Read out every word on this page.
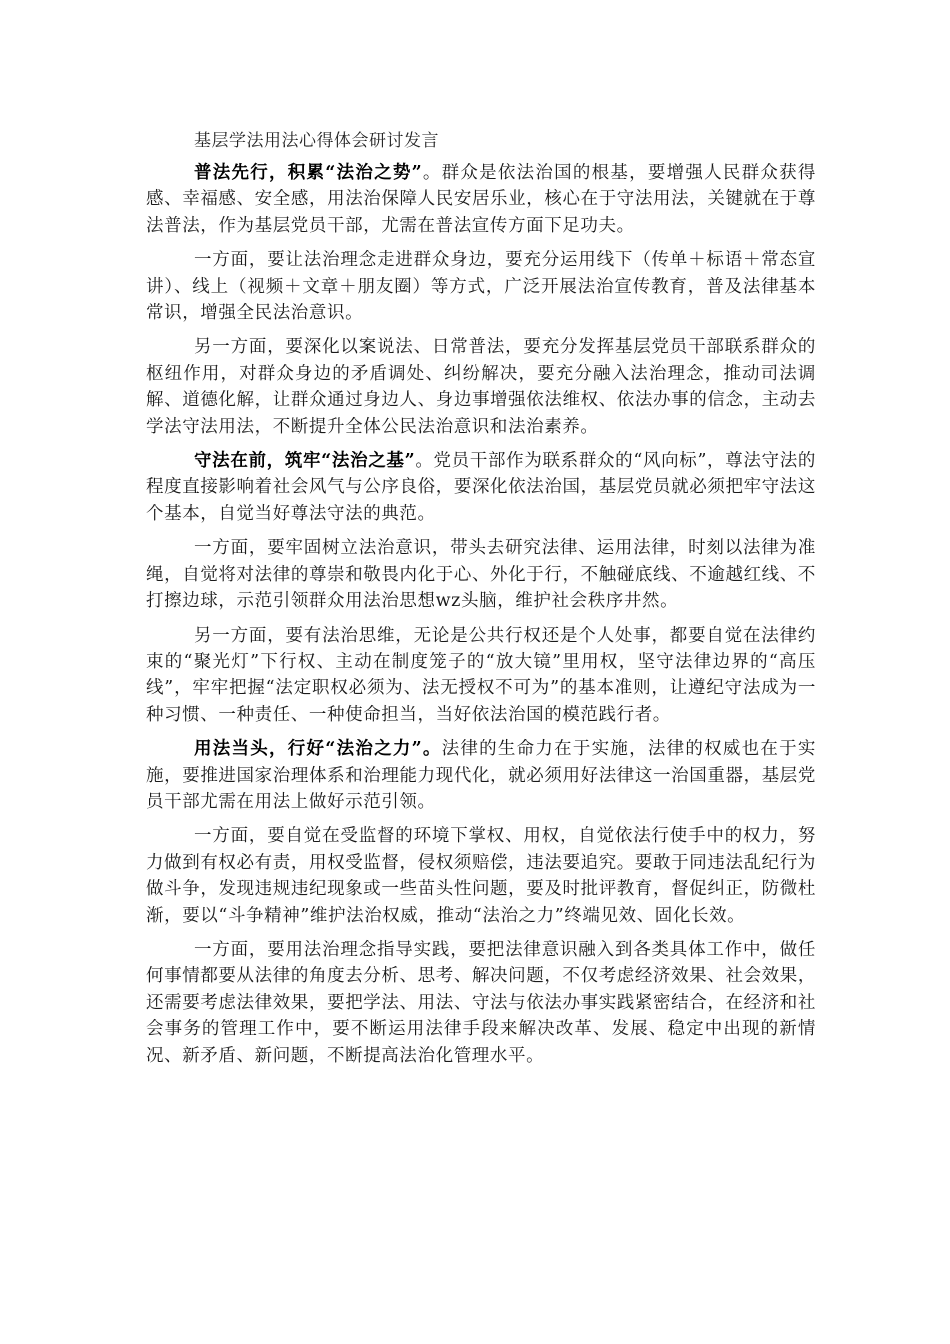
基层学法用法心得体会研讨发言

普法先行，积累“法治之势”。群众是依法治国的根基，要增强人民群众获得感、幸福感、安全感，用法治保障人民安居乐业，核心在于守法用法，关键就在于尊法普法，作为基层党员干部，尤需在普法宣传方面下足功夫。

一方面，要让法治理念走进群众身边，要充分运用线下（传单＋标语＋常态宣讲）、线上（视频＋文章＋朋友圈）等方式，广泛开展法治宣传教育，普及法律基本常识，增强全民法治意识。

另一方面，要深化以案说法、日常普法，要充分发挥基层党员干部联系群众的枢纽作用，对群众身边的矛盾调处、纠纷解决，要充分融入法治理念，推动司法调解、道德化解，让群众通过身边人、身边事增强依法维权、依法办事的信念，主动去学法守法用法，不断提升全体公民法治意识和法治素养。

守法在前，筑牢“法治之基”。党员干部作为联系群众的“风向标”，尊法守法的程度直接影响着社会风气与公序良俗，要深化依法治国，基层党员就必须把牢守法这个基本，自觉当好尊法守法的典范。

一方面，要牢固树立法治意识，带头去研究法律、运用法律，时刻以法律为准绳，自觉将对法律的尊崇和敬畏内化于心、外化于行，不触碰底线、不逾越红线、不打擦边球，示范引领群众用法治思想wz头脑，维护社会秩序井然。

另一方面，要有法治思维，无论是公共行权还是个人处事，都要自觉在法律约束的“聚光灯”下行权、主动在制度笼子的“放大镜”里用权，坚守法律边界的“高压线”，牢牢把握“法定职权必须为、法无授权不可为”的基本准则，让遵纪守法成为一种习惯、一种责任、一种使命担当，当好依法治国的模范践行者。

用法当头，行好“法治之力”。法律的生命力在于实施，法律的权威也在于实施，要推进国家治理体系和治理能力现代化，就必须用好法律这一治国重器，基层党员干部尤需在用法上做好示范引领。

一方面，要自觉在受监督的环境下掌权、用权，自觉依法行使手中的权力，努力做到有权必有责，用权受监督，侵权须赔偿，违法要追究。要敢于同违法乱纪行为做斗争，发现违规违纪现象或一些苗头性问题，要及时批评教育，督促纠正，防微杜渐，要以“斗争精神”维护法治权威，推动“法治之力”终端见效、固化长效。

一方面，要用法治理念指导实践，要把法律意识融入到各类具体工作中，做任何事情都要从法律的角度去分析、思考、解决问题，不仅考虑经济效果、社会效果，还需要考虑法律效果，要把学法、用法、守法与依法办事实践紧密结合，在经济和社会事务的管理工作中，要不断运用法律手段来解决改革、发展、稳定中出现的新情况、新矛盾、新问题，不断提高法治化管理水平。
